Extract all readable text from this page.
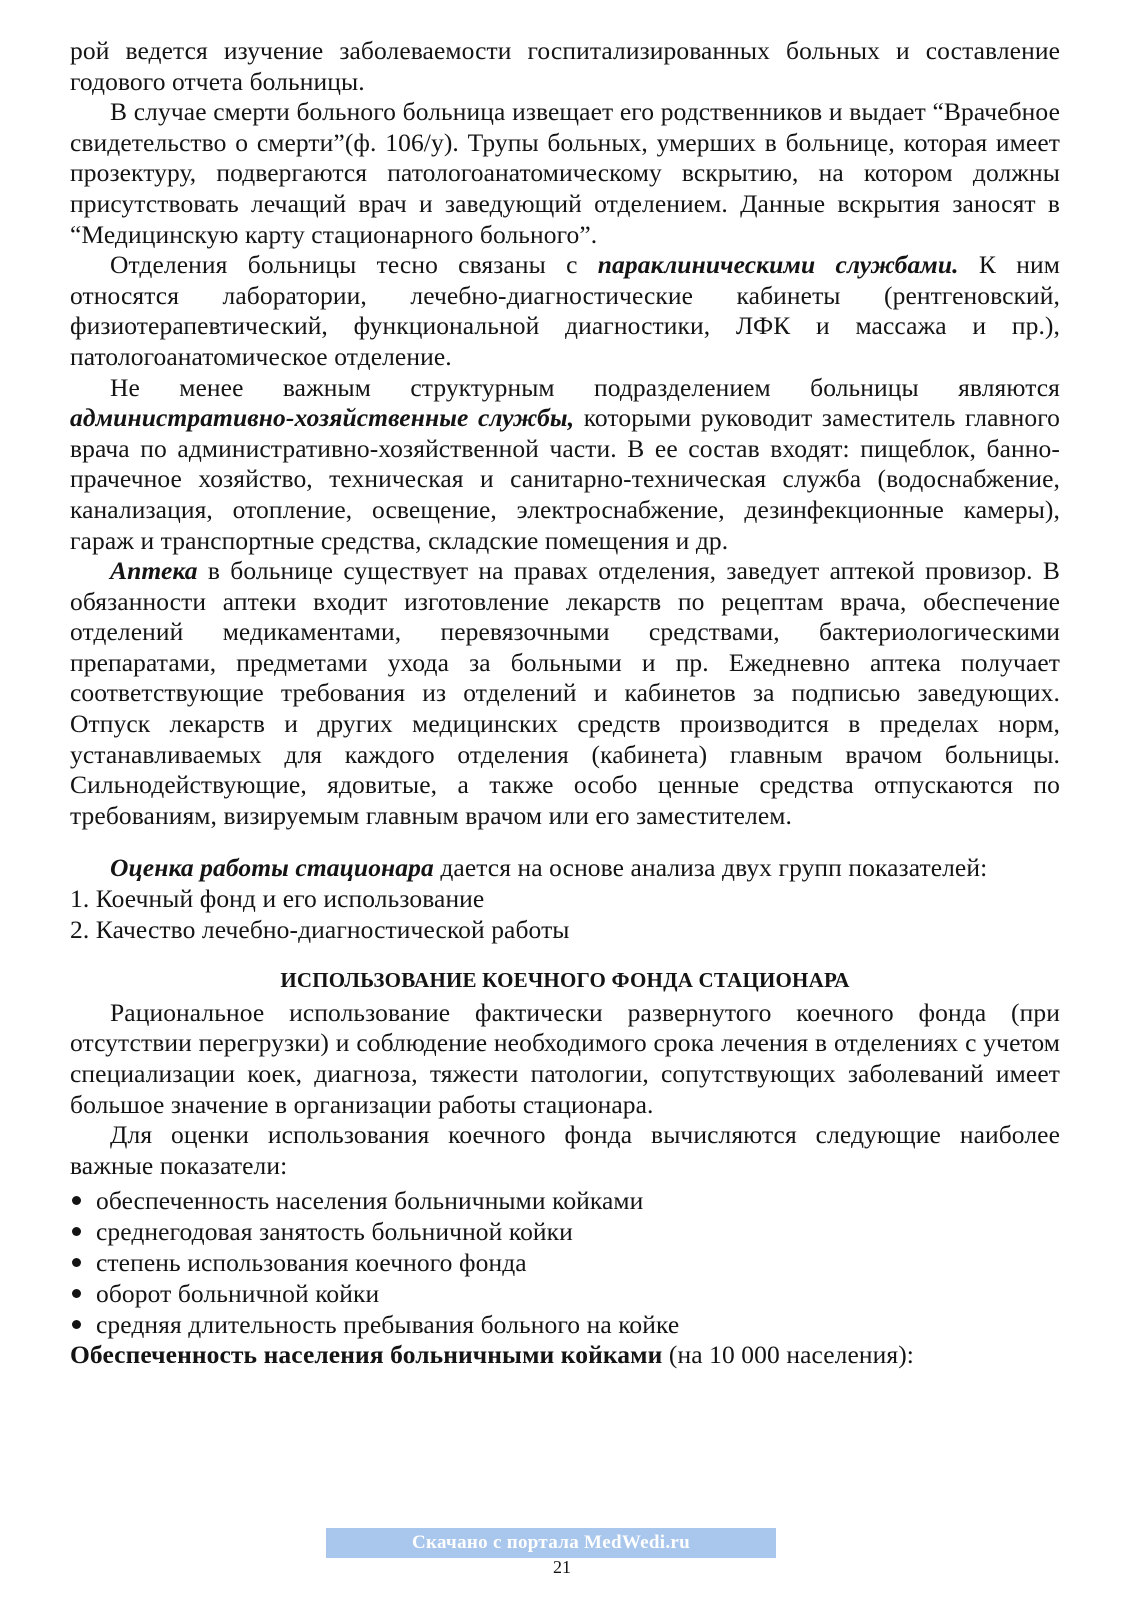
рой ведется изучение заболеваемости госпитализированных больных и составление годового отчета больницы.

В случае смерти больного больница извещает его родственников и выдает “Врачебное свидетельство о смерти”(ф. 106/у). Трупы больных, умерших в больнице, которая имеет прозектуру, подвергаются патологоанатомическому вскрытию, на котором должны присутствовать лечащий врач и заведующий отделением. Данные вскрытия заносят в “Медицинскую карту стационарного больного”.

Отделения больницы тесно связаны с параклиническими службами. К ним относятся лаборатории, лечебно-диагностические кабинеты (рентгеновский, физиотерапевтический, функциональной диагностики, ЛФК и массажа и пр.), патологоанатомическое отделение.

Не менее важным структурным подразделением больницы являются административно-хозяйственные службы, которыми руководит заместитель главного врача по административно-хозяйственной части. В ее состав входят: пищеблок, банно-прачечное хозяйство, техническая и санитарно-техническая служба (водоснабжение, канализация, отопление, освещение, электроснабжение, дезинфекционные камеры), гараж и транспортные средства, складские помещения и др.

Аптека в больнице существует на правах отделения, заведует аптекой провизор. В обязанности аптеки входит изготовление лекарств по рецептам врача, обеспечение отделений медикаментами, перевязочными средствами, бактериологическими препаратами, предметами ухода за больными и пр. Ежедневно аптека получает соответствующие требования из отделений и кабинетов за подписью заведующих. Отпуск лекарств и других медицинских средств производится в пределах норм, устанавливаемых для каждого отделения (кабинета) главным врачом больницы. Сильнодействующие, ядовитые, а также особо ценные средства отпускаются по требованиям, визируемым главным врачом или его заместителем.

Оценка работы стационара дается на основе анализа двух групп показателей:

1. Коечный фонд и его использование
2. Качество лечебно-диагностической работы
ИСПОЛЬЗОВАНИЕ КОЕЧНОГО ФОНДА СТАЦИОНАРА

Рациональное использование фактически развернутого коечного фонда (при отсутствии перегрузки) и соблюдение необходимого срока лечения в отделениях с учетом специализации коек, диагноза, тяжести патологии, сопутствующих заболеваний имеет большое значение в организации работы стационара.

Для оценки использования коечного фонда вычисляются следующие наиболее важные показатели:

обеспеченность населения больничными койками
среднегодовая занятость больничной койки
степень использования коечного фонда
оборот больничной койки
средняя длительность пребывания больного на койке

Обеспеченность населения больничными койками (на 10 000 населения):

Скачано с портала MedWedi.ru
21
